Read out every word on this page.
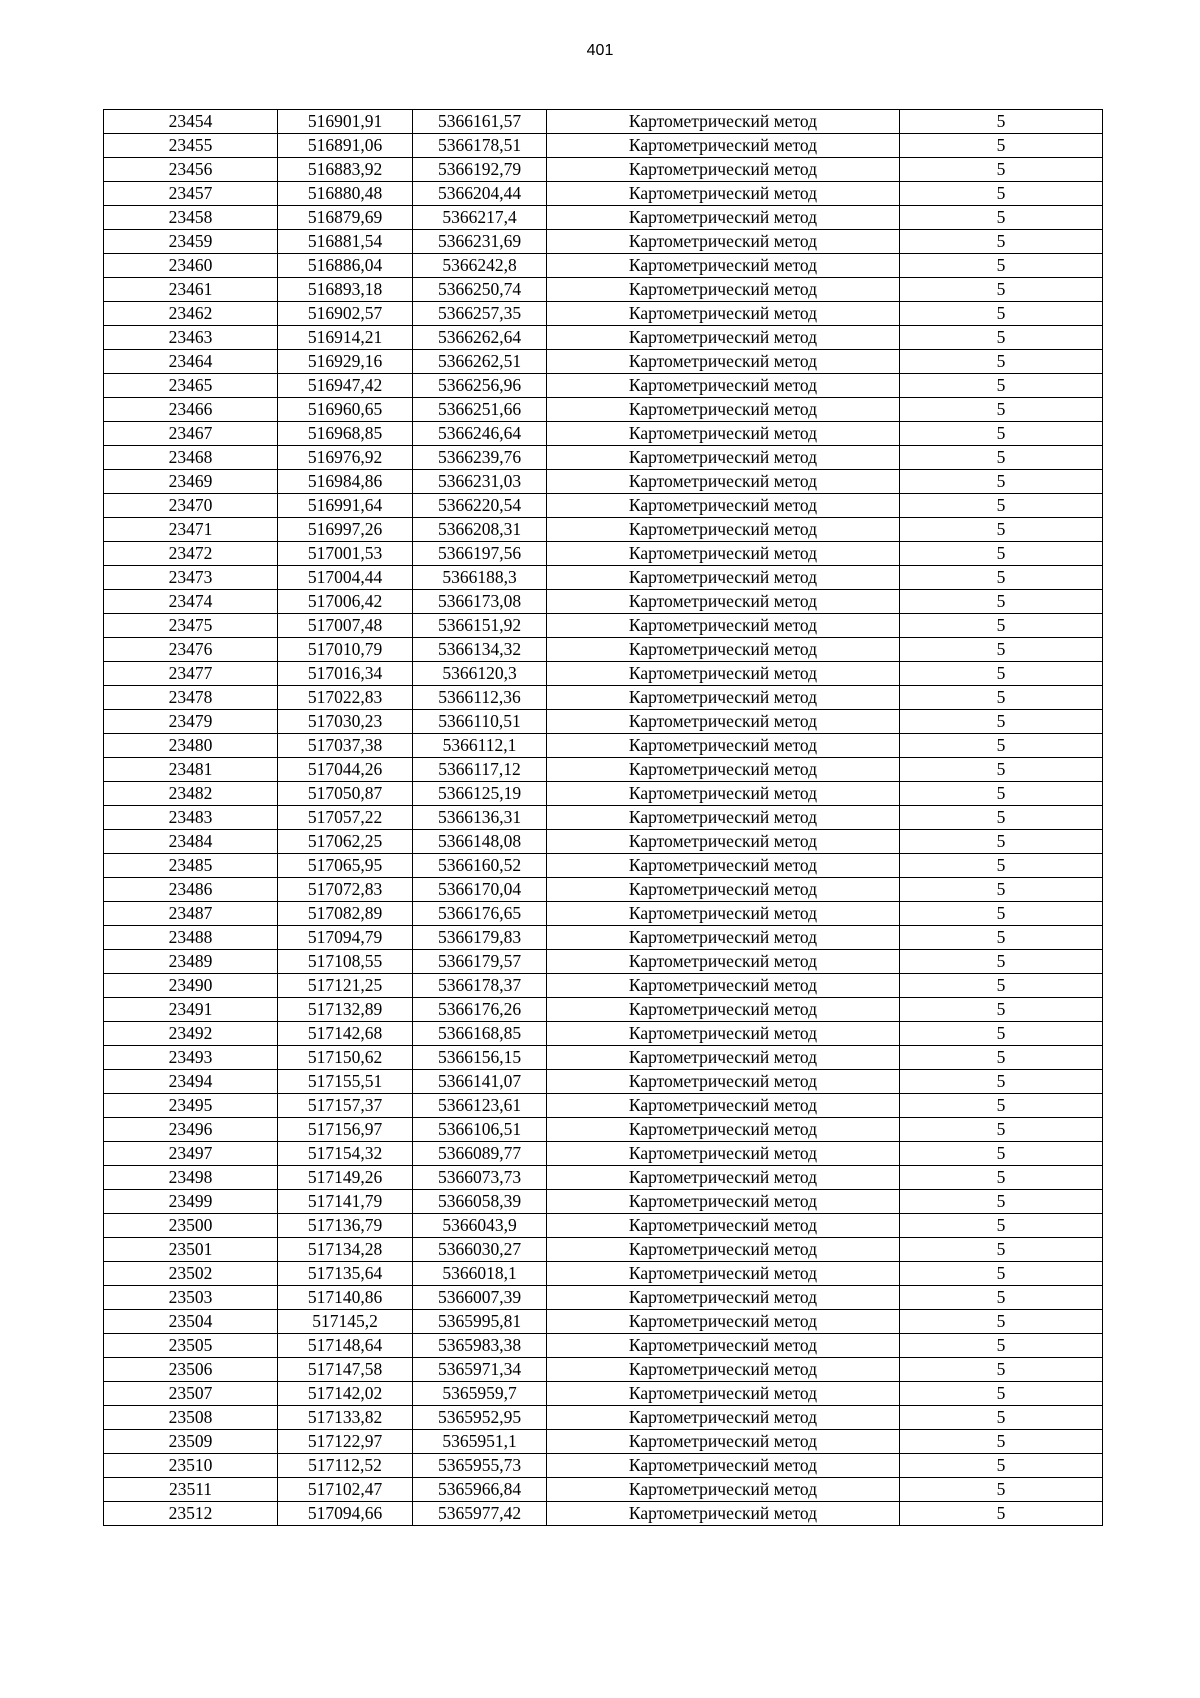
401
23454	516901,91	5366161,57	Картометрический метод	5
23455	516891,06	5366178,51	Картометрический метод	5
23456	516883,92	5366192,79	Картометрический метод	5
23457	516880,48	5366204,44	Картометрический метод	5
23458	516879,69	5366217,4	Картометрический метод	5
23459	516881,54	5366231,69	Картометрический метод	5
23460	516886,04	5366242,8	Картометрический метод	5
23461	516893,18	5366250,74	Картометрический метод	5
23462	516902,57	5366257,35	Картометрический метод	5
23463	516914,21	5366262,64	Картометрический метод	5
23464	516929,16	5366262,51	Картометрический метод	5
23465	516947,42	5366256,96	Картометрический метод	5
23466	516960,65	5366251,66	Картометрический метод	5
23467	516968,85	5366246,64	Картометрический метод	5
23468	516976,92	5366239,76	Картометрический метод	5
23469	516984,86	5366231,03	Картометрический метод	5
23470	516991,64	5366220,54	Картометрический метод	5
23471	516997,26	5366208,31	Картометрический метод	5
23472	517001,53	5366197,56	Картометрический метод	5
23473	517004,44	5366188,3	Картометрический метод	5
23474	517006,42	5366173,08	Картометрический метод	5
23475	517007,48	5366151,92	Картометрический метод	5
23476	517010,79	5366134,32	Картометрический метод	5
23477	517016,34	5366120,3	Картометрический метод	5
23478	517022,83	5366112,36	Картометрический метод	5
23479	517030,23	5366110,51	Картометрический метод	5
23480	517037,38	5366112,1	Картометрический метод	5
23481	517044,26	5366117,12	Картометрический метод	5
23482	517050,87	5366125,19	Картометрический метод	5
23483	517057,22	5366136,31	Картометрический метод	5
23484	517062,25	5366148,08	Картометрический метод	5
23485	517065,95	5366160,52	Картометрический метод	5
23486	517072,83	5366170,04	Картометрический метод	5
23487	517082,89	5366176,65	Картометрический метод	5
23488	517094,79	5366179,83	Картометрический метод	5
23489	517108,55	5366179,57	Картометрический метод	5
23490	517121,25	5366178,37	Картометрический метод	5
23491	517132,89	5366176,26	Картометрический метод	5
23492	517142,68	5366168,85	Картометрический метод	5
23493	517150,62	5366156,15	Картометрический метод	5
23494	517155,51	5366141,07	Картометрический метод	5
23495	517157,37	5366123,61	Картометрический метод	5
23496	517156,97	5366106,51	Картометрический метод	5
23497	517154,32	5366089,77	Картометрический метод	5
23498	517149,26	5366073,73	Картометрический метод	5
23499	517141,79	5366058,39	Картометрический метод	5
23500	517136,79	5366043,9	Картометрический метод	5
23501	517134,28	5366030,27	Картометрический метод	5
23502	517135,64	5366018,1	Картометрический метод	5
23503	517140,86	5366007,39	Картометрический метод	5
23504	517145,2	5365995,81	Картометрический метод	5
23505	517148,64	5365983,38	Картометрический метод	5
23506	517147,58	5365971,34	Картометрический метод	5
23507	517142,02	5365959,7	Картометрический метод	5
23508	517133,82	5365952,95	Картометрический метод	5
23509	517122,97	5365951,1	Картометрический метод	5
23510	517112,52	5365955,73	Картометрический метод	5
23511	517102,47	5365966,84	Картометрический метод	5
23512	517094,66	5365977,42	Картометрический метод	5
